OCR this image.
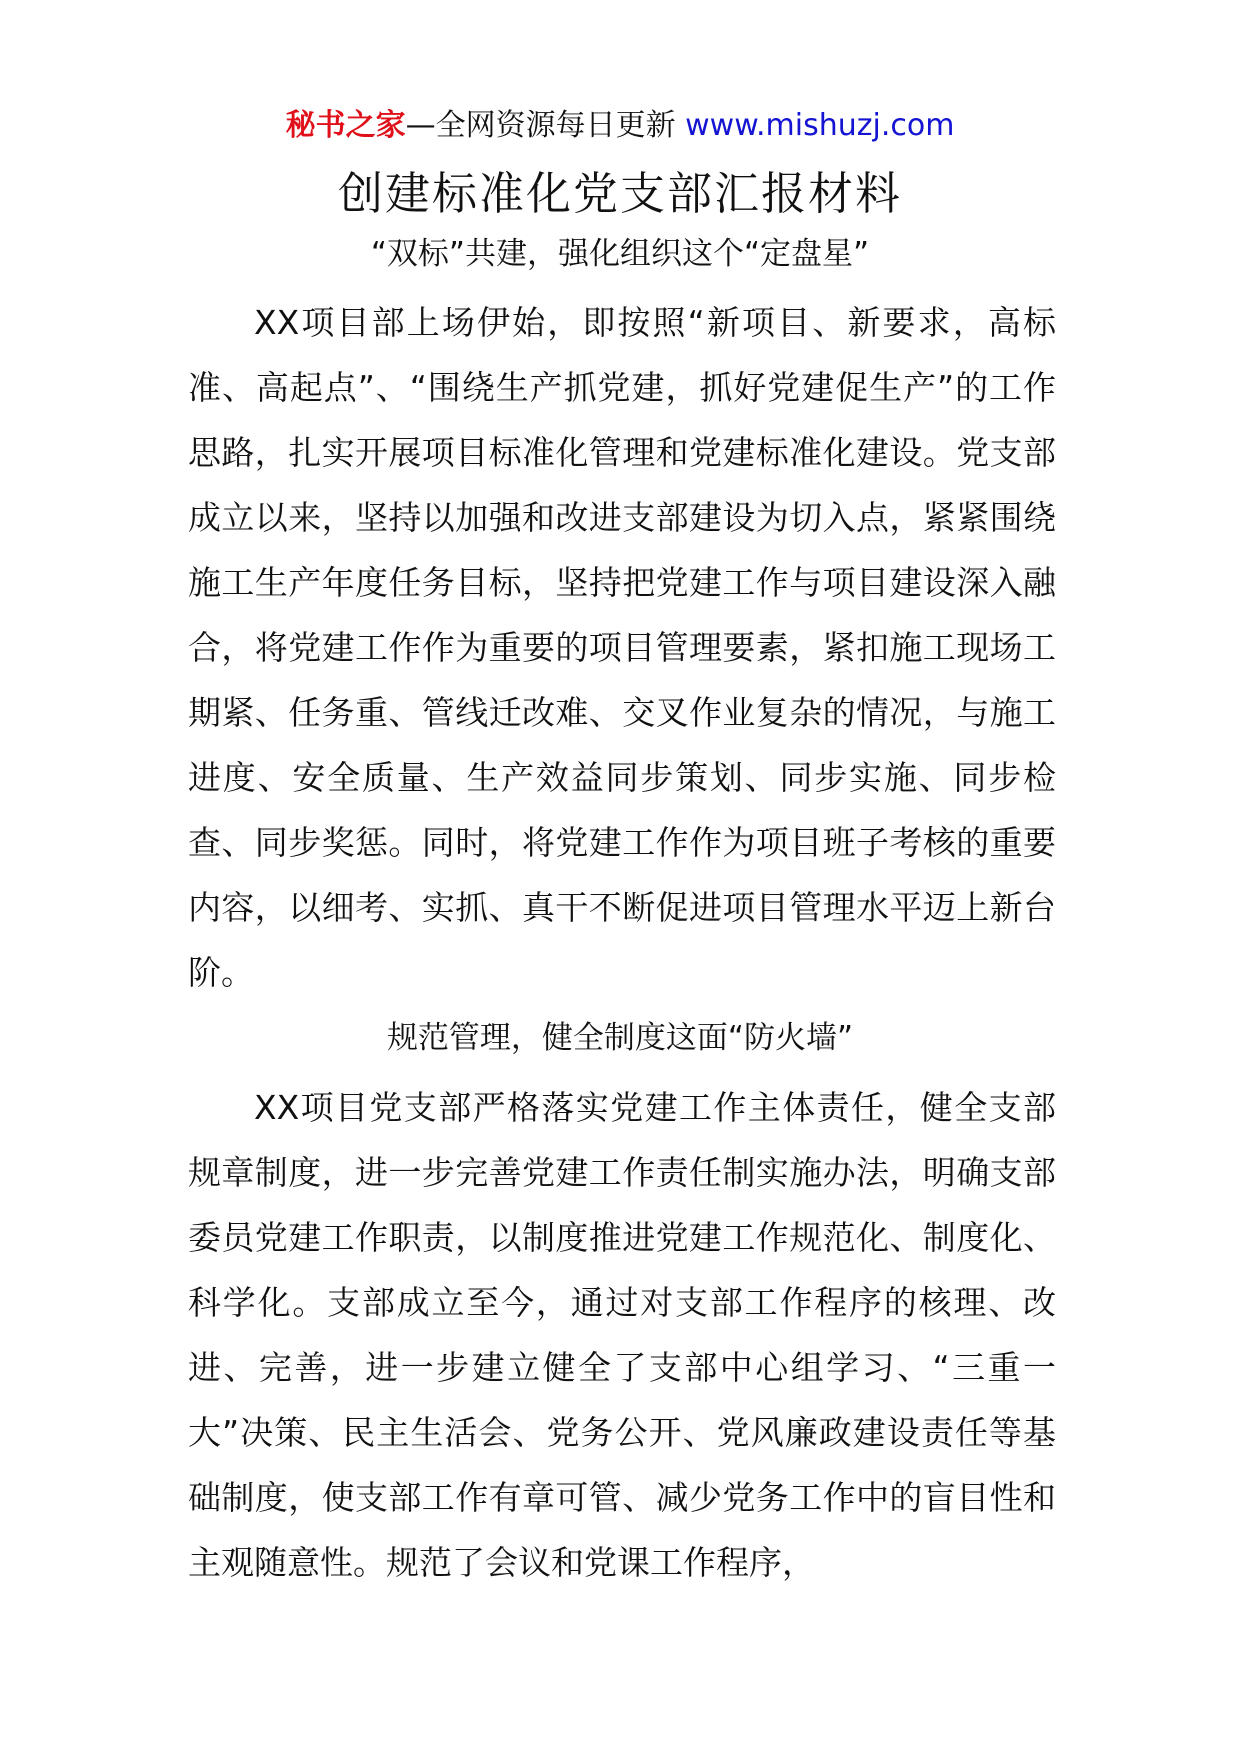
秘书之家—全网资源每日更新 www.mishuzj.com
创建标准化党支部汇报材料
“双标”共建，强化组织这个“定盘星”

XX项目部上场伊始，即按照“新项目、新要求，高标准、高起点”、“围绕生产抓党建，抓好党建促生产”的工作思路，扎实开展项目标准化管理和党建标准化建设。党支部成立以来，坚持以加强和改进支部建设为切入点，紧紧围绕施工生产年度任务目标，坚持把党建工作与项目建设深入融合，将党建工作作为重要的项目管理要素，紧扣施工现场工期紧、任务重、管线迁改难、交叉作业复杂的情况，与施工进度、安全质量、生产效益同步策划、同步实施、同步检查、同步奖惩。同时，将党建工作作为项目班子考核的重要内容，以细考、实抓、真干不断促进项目管理水平迈上新台阶。

规范管理，健全制度这面“防火墙”

XX项目党支部严格落实党建工作主体责任，健全支部规章制度，进一步完善党建工作责任制实施办法，明确支部委员党建工作职责，以制度推进党建工作规范化、制度化、科学化。支部成立至今，通过对支部工作程序的核理、改进、完善，进一步建立健全了支部中心组学习、“三重一大”决策、民主生活会、党务公开、党风廉政建设责任等基础制度，使支部工作有章可管、减少党务工作中的盲目性和主观随意性。规范了会议和党课工作程序，
